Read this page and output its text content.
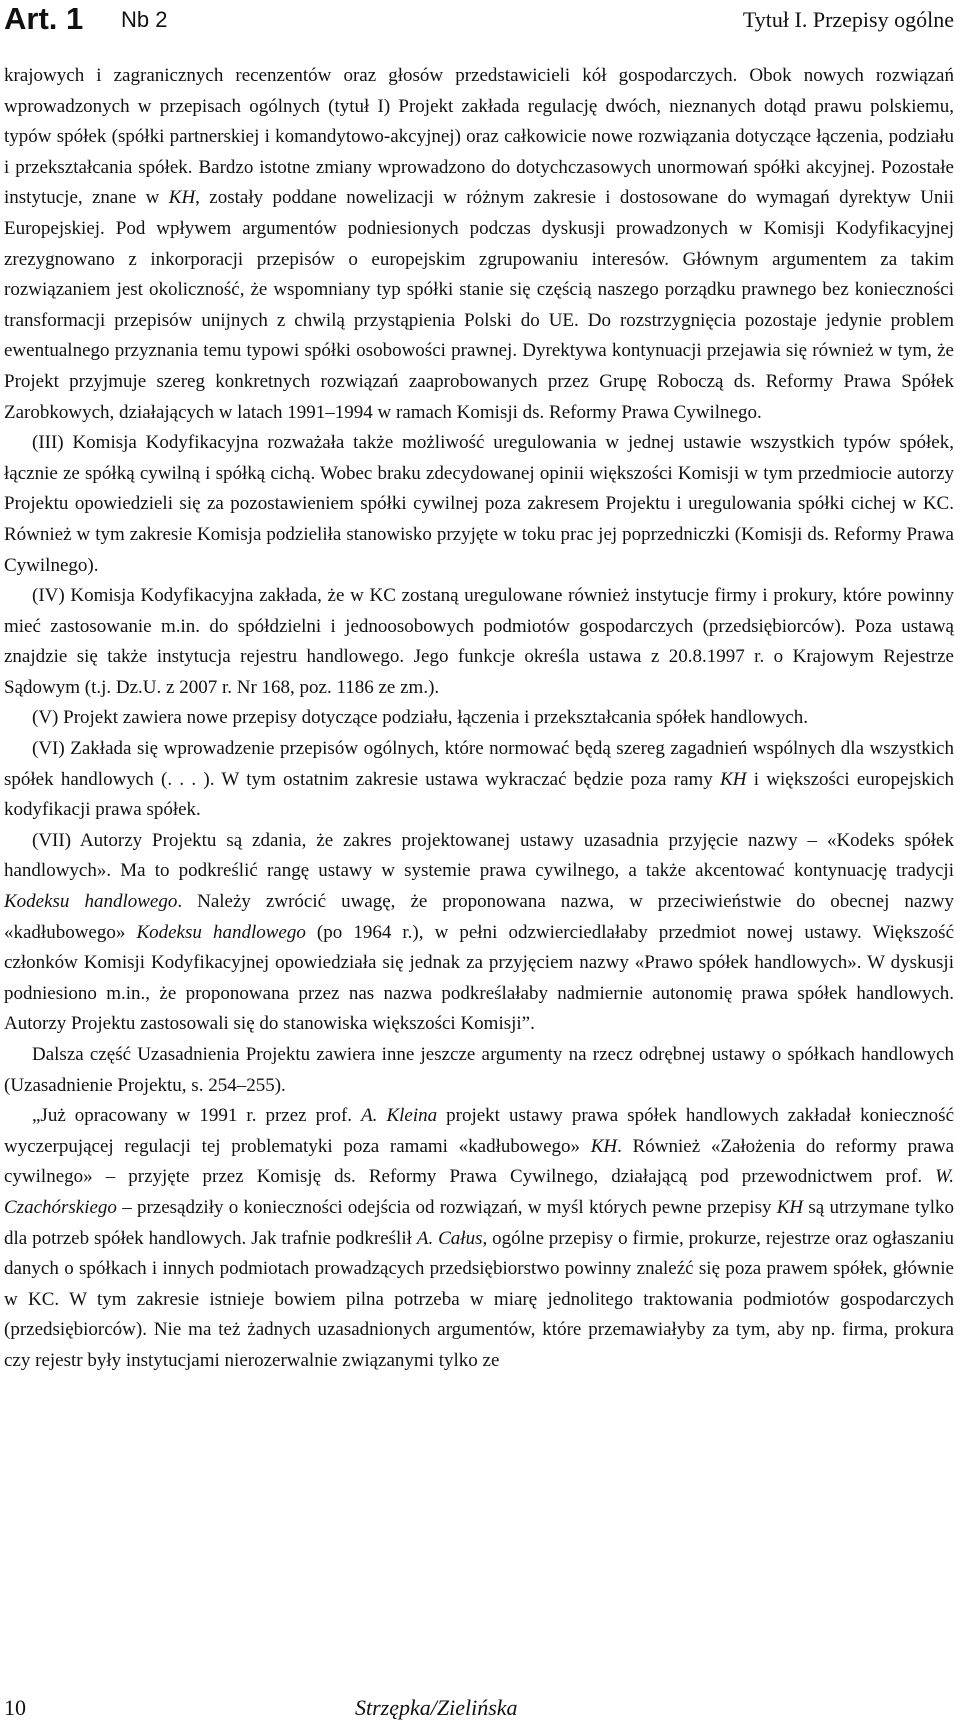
Art. 1 Nb 2	Tytuł I. Przepisy ogólne

krajowych i zagranicznych recenzentów oraz głosów przedstawicieli kół gospodarczych. Obok nowych rozwiązań wprowadzonych w przepisach ogólnych (tytuł I) Projekt zakłada regulację dwóch, nieznanych dotąd prawu polskiemu, typów spółek (spółki partnerskiej i komandytowo-akcyjnej) oraz całkowicie nowe rozwiązania dotyczące łączenia, podziału i przekształcania spółek. Bardzo istotne zmiany wprowadzono do dotychczasowych unormowań spółki akcyjnej. Pozostałe instytucje, znane w KH, zostały poddane nowelizacji w różnym zakresie i dostosowane do wymagań dyrektyw Unii Europejskiej. Pod wpływem argumentów podniesionych podczas dyskusji prowadzonych w Komisji Kodyfikacyjnej zrezygnowano z inkorporacji przepisów o europejskim zgrupowaniu interesów. Głównym argumentem za takim rozwiązaniem jest okoliczność, że wspomniany typ spółki stanie się częścią naszego porządku prawnego bez konieczności transformacji przepisów unijnych z chwilą przystąpienia Polski do UE. Do rozstrzygnięcia pozostaje jedynie problem ewentualnego przyznania temu typowi spółki osobowości prawnej. Dyrektywa kontynuacji przejawia się również w tym, że Projekt przyjmuje szereg konkretnych rozwiązań zaaprobowanych przez Grupę Roboczą ds. Reformy Prawa Spółek Zarobkowych, działających w latach 1991–1994 w ramach Komisji ds. Reformy Prawa Cywilnego.

(III) Komisja Kodyfikacyjna rozważała także możliwość uregulowania w jednej ustawie wszystkich typów spółek, łącznie ze spółką cywilną i spółką cichą. Wobec braku zdecydowanej opinii większości Komisji w tym przedmiocie autorzy Projektu opowiedzieli się za pozostawieniem spółki cywilnej poza zakresem Projektu i uregulowania spółki cichej w KC. Również w tym zakresie Komisja podzieliła stanowisko przyjęte w toku prac jej poprzedniczki (Komisji ds. Reformy Prawa Cywilnego).

(IV) Komisja Kodyfikacyjna zakłada, że w KC zostaną uregulowane również instytucje firmy i prokury, które powinny mieć zastosowanie m.in. do spółdzielni i jednoosobowych podmiotów gospodarczych (przedsiębiorców). Poza ustawą znajdzie się także instytucja rejestru handlowego. Jego funkcje określa ustawa z 20.8.1997 r. o Krajowym Rejestrze Sądowym (t.j. Dz.U. z 2007 r. Nr 168, poz. 1186 ze zm.).

(V) Projekt zawiera nowe przepisy dotyczące podziału, łączenia i przekształcania spółek handlowych.

(VI) Zakłada się wprowadzenie przepisów ogólnych, które normować będą szereg zagadnień wspólnych dla wszystkich spółek handlowych (. . . ). W tym ostatnim zakresie ustawa wykraczać będzie poza ramy KH i większości europejskich kodyfikacji prawa spółek.

(VII) Autorzy Projektu są zdania, że zakres projektowanej ustawy uzasadnia przyjęcie nazwy – «Kodeks spółek handlowych». Ma to podkreślić rangę ustawy w systemie prawa cywilnego, a także akcentować kontynuację tradycji Kodeksu handlowego. Należy zwrócić uwagę, że proponowana nazwa, w przeciwieństwie do obecnej nazwy «kadłubowego» Kodeksu handlowego (po 1964 r.), w pełni odzwierciedlałaby przedmiot nowej ustawy. Większość członków Komisji Kodyfikacyjnej opowiedziała się jednak za przyjęciem nazwy «Prawo spółek handlowych». W dyskusji podniesiono m.in., że proponowana przez nas nazwa podkreślałaby nadmiernie autonomię prawa spółek handlowych. Autorzy Projektu zastosowali się do stanowiska większości Komisji”.

Dalsza część Uzasadnienia Projektu zawiera inne jeszcze argumenty na rzecz odrębnej ustawy o spółkach handlowych (Uzasadnienie Projektu, s. 254–255).

„Już opracowany w 1991 r. przez prof. A. Kleina projekt ustawy prawa spółek handlowych zakładał konieczność wyczerpującej regulacji tej problematyki poza ramami «kadłubowego» KH. Również «Założenia do reformy prawa cywilnego» – przyjęte przez Komisję ds. Reformy Prawa Cywilnego, działającą pod przewodnictwem prof. W. Czachórskiego – przesądziły o konieczności odejścia od rozwiązań, w myśl których pewne przepisy KH są utrzymane tylko dla potrzeb spółek handlowych. Jak trafnie podkreślił A. Całus, ogólne przepisy o firmie, prokurze, rejestrze oraz ogłaszaniu danych o spółkach i innych podmiotach prowadzących przedsiębiorstwo powinny znaleźć się poza prawem spółek, głównie w KC. W tym zakresie istnieje bowiem pilna potrzeba w miarę jednolitego traktowania podmiotów gospodarczych (przedsiębiorców). Nie ma też żadnych uzasadnionych argumentów, które przemawiałyby za tym, aby np. firma, prokura czy rejestr były instytucjami nierozerwalnie związanymi tylko ze

10	Strzępka/Zielińska
